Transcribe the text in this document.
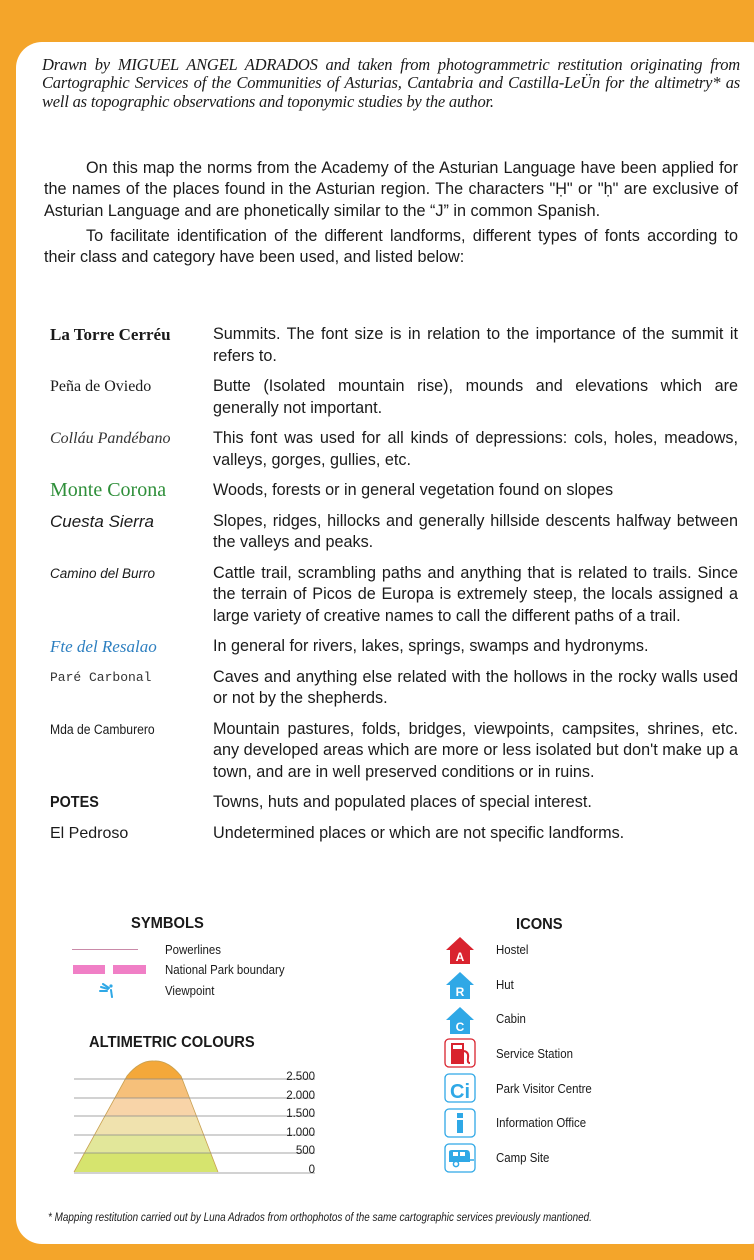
Drawn by MIGUEL ANGEL ADRADOS and taken from photogrammetric restitution originating from Cartographic Services of the Communities of Asturias, Cantabria and Castilla-LeÜn for the altimetry* as well as topographic observations and toponymic studies by the author.

On this map the norms from the Academy of the Asturian Language have been applied for the names of the places found in the Asturian region. The characters "Ḥ" or "ḥ" are exclusive of Asturian Language and are phonetically similar to the “J” in common Spanish.

To facilitate identification of the different landforms, different types of fonts according to their class and category have been used, and listed below:

La Torre Cerréu	Summits. The font size is in relation to the importance of the summit it refers to.
Peña de Oviedo	Butte (Isolated mountain rise), mounds and elevations which are generally not important.
Colláu Pandébano	This font was used for all kinds of depressions: cols, holes, meadows, valleys, gorges, gullies, etc.
Monte Corona	Woods, forests or in general vegetation found on slopes
Cuesta Sierra	Slopes, ridges, hillocks and generally hillside descents halfway between the valleys and peaks.
Camino del Burro	Cattle trail, scrambling paths and anything that is related to trails. Since the terrain of Picos de Europa is extremely steep, the locals assigned a large variety of creative names to call the different paths of a trail.
Fte del Resalao	In general for rivers, lakes, springs, swamps and hydronyms.
Paré Carbonal	Caves and anything else related with the hollows in the rocky walls used or not by the shepherds.
Mda de Camburero	Mountain pastures, folds, bridges, viewpoints, campsites, shrines, etc. any developed areas which are more or less isolated but don't make up a town, and are in well preserved conditions or in ruins.
POTES	Towns, huts and populated places of special interest.
El Pedroso	Undetermined places or which are not specific landforms.
SYMBOLS
Powerlines
National Park boundary
Viewpoint
ALTIMETRIC COLOURS
2.500
2.000
1.500
1.000
500
0
ICONS
A Hostel
R Hut
C
Cabin
Service Station
Ci Park Visitor Centre
Information Office
Camp Site
* Mapping restitution carried out by Luna Adrados from orthophotos of the same cartographic services previously mantioned.
